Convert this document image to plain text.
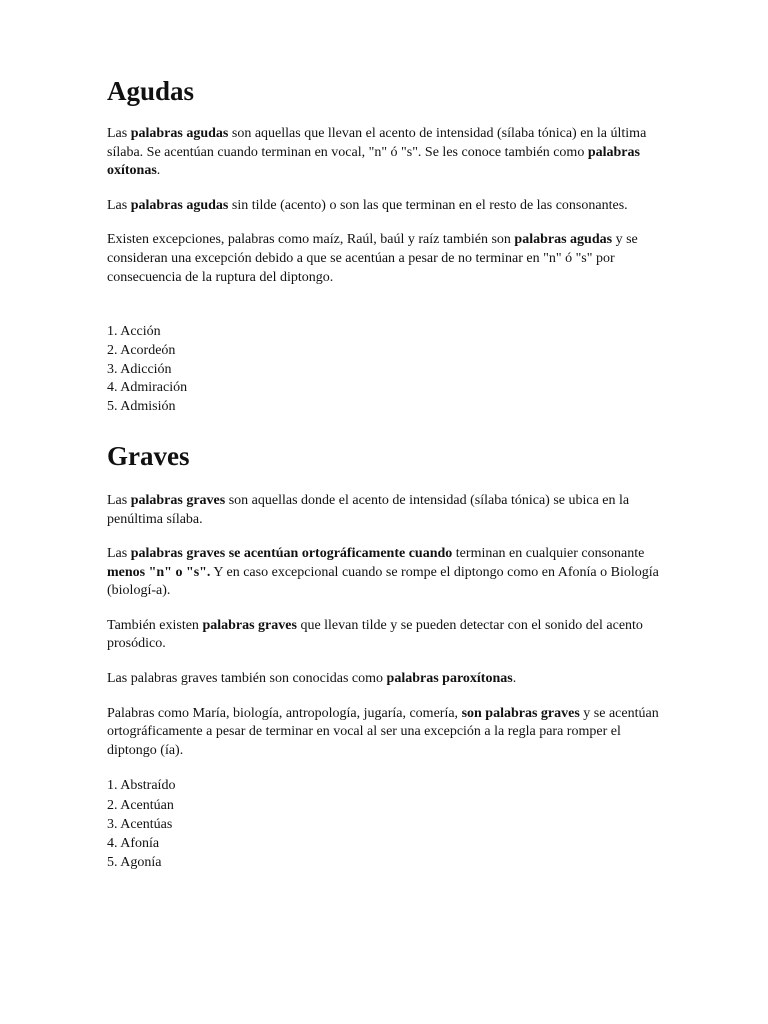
Agudas

Las palabras agudas son aquellas que llevan el acento de intensidad (sílaba tónica) en la última sílaba. Se acentúan cuando terminan en vocal, "n" ó "s". Se les conoce también como palabras oxítonas.

Las palabras agudas sin tilde (acento) o son las que terminan en el resto de las consonantes.

Existen excepciones, palabras como maíz, Raúl, baúl y raíz también son palabras agudas y se consideran una excepción debido a que se acentúan a pesar de no terminar en "n" ó "s" por consecuencia de la ruptura del diptongo.

1. Acción
2. Acordeón
3. Adicción
4. Admiración
5. Admisión
Graves

Las palabras graves son aquellas donde el acento de intensidad (sílaba tónica) se ubica en la penúltima sílaba.

Las palabras graves se acentúan ortográficamente cuando terminan en cualquier consonante menos "n" o "s". Y en caso excepcional cuando se rompe el diptongo como en Afonía o Biología (biologí-a).

También existen palabras graves que llevan tilde y se pueden detectar con el sonido del acento prosódico.

Las palabras graves también son conocidas como palabras paroxítonas.

Palabras como María, biología, antropología, jugaría, comería, son palabras graves y se acentúan ortográficamente a pesar de terminar en vocal al ser una excepción a la regla para romper el diptongo (ía).

1. Abstraído
2. Acentúan
3. Acentúas
4. Afonía
5. Agonía
